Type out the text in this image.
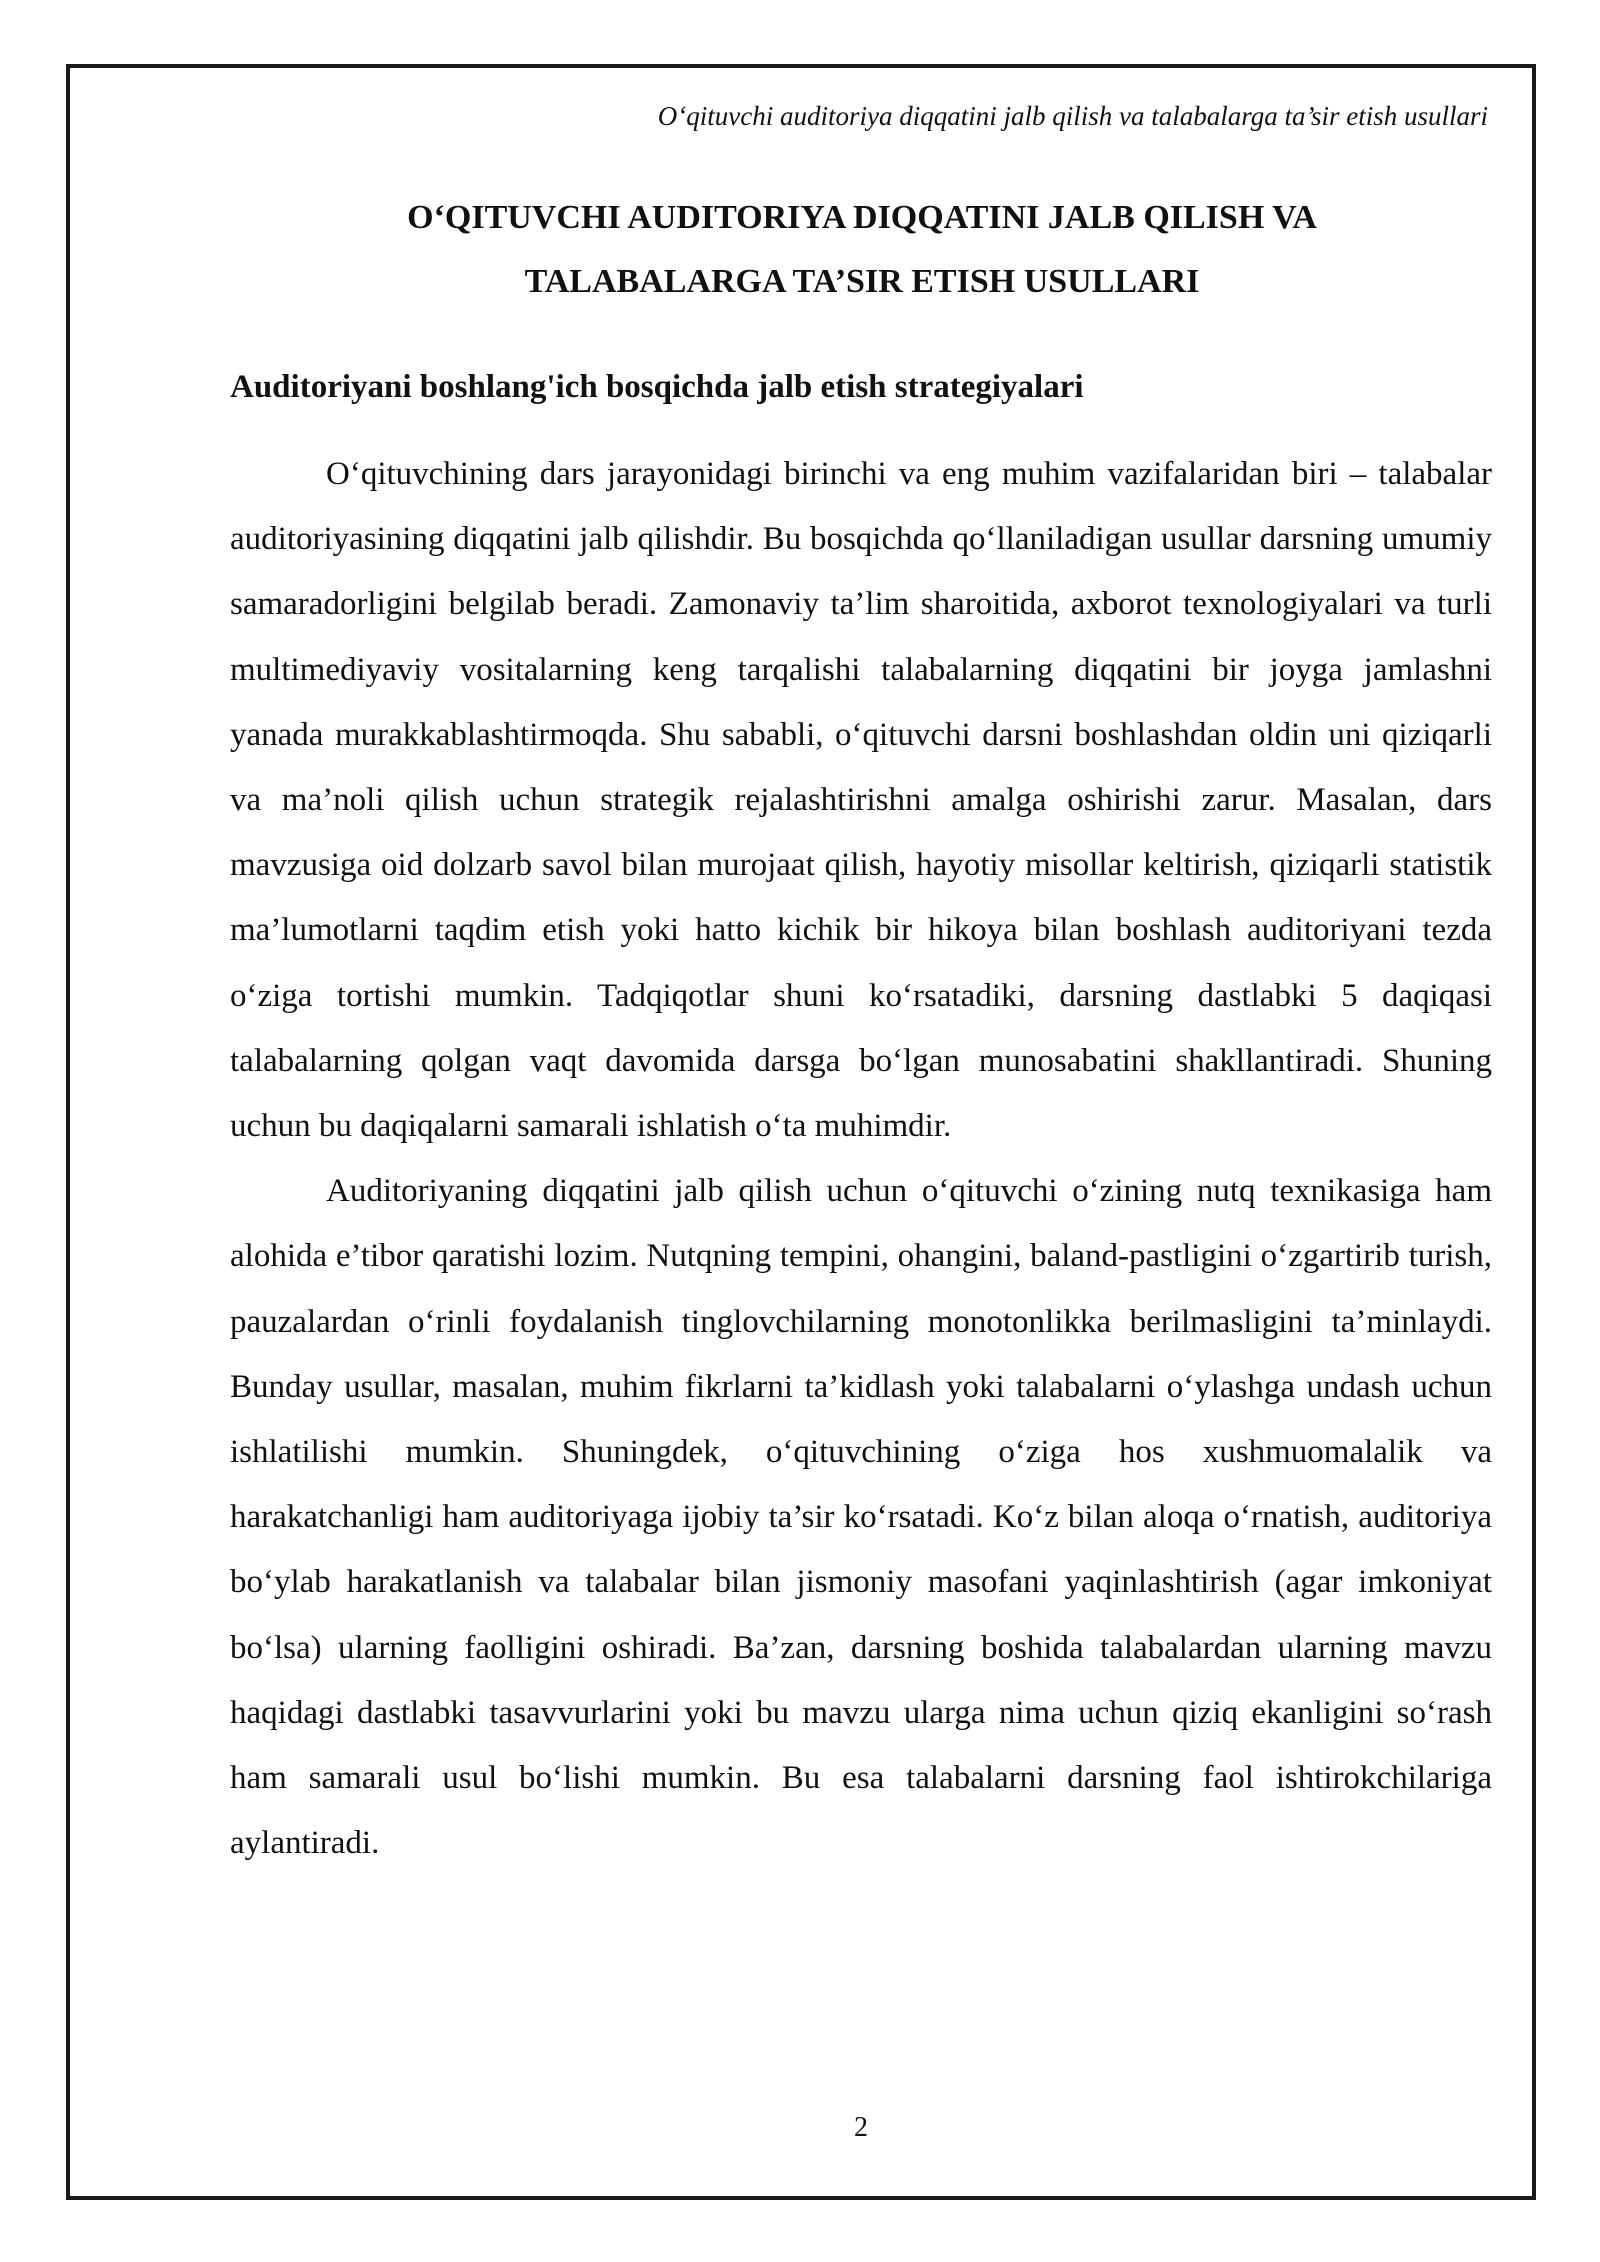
O‘qituvchi auditoriya diqqatini jalb qilish va talabalarga ta’sir etish usullari
O‘QITUVCHI AUDITORIYA DIQQATINI JALB QILISH VA
TALABALARGA TA’SIR ETISH USULLARI
Auditoriyani boshlang'ich bosqichda jalb etish strategiyalari

O‘qituvchining dars jarayonidagi birinchi va eng muhim vazifalaridan biri – talabalar auditoriyasining diqqatini jalb qilishdir. Bu bosqichda qo‘llaniladigan usullar darsning umumiy samaradorligini belgilab beradi. Zamonaviy ta’lim sharoitida, axborot texnologiyalari va turli multimediyaviy vositalarning keng tarqalishi talabalarning diqqatini bir joyga jamlashni yanada murakkablashtirmoqda. Shu sababli, o‘qituvchi darsni boshlashdan oldin uni qiziqarli va ma’noli qilish uchun strategik rejalashtirishni amalga oshirishi zarur. Masalan, dars mavzusiga oid dolzarb savol bilan murojaat qilish, hayotiy misollar keltirish, qiziqarli statistik ma’lumotlarni taqdim etish yoki hatto kichik bir hikoya bilan boshlash auditoriyani tezda o‘ziga tortishi mumkin. Tadqiqotlar shuni ko‘rsatadiki, darsning dastlabki 5 daqiqasi talabalarning qolgan vaqt davomida darsga bo‘lgan munosabatini shakllantiradi. Shuning uchun bu daqiqalarni samarali ishlatish o‘ta muhimdir.

Auditoriyaning diqqatini jalb qilish uchun o‘qituvchi o‘zining nutq texnikasiga ham alohida e’tibor qaratishi lozim. Nutqning tempini, ohangini, baland-pastligini o‘zgartirib turish, pauzalardan o‘rinli foydalanish tinglovchilarning monotonlikka berilmasligini ta’minlaydi. Bunday usullar, masalan, muhim fikrlarni ta’kidlash yoki talabalarni o‘ylashga undash uchun ishlatilishi mumkin. Shuningdek, o‘qituvchining o‘ziga hos xushmuomalalik va harakatchanligi ham auditoriyaga ijobiy ta’sir ko‘rsatadi. Ko‘z bilan aloqa o‘rnatish, auditoriya bo‘ylab harakatlanish va talabalar bilan jismoniy masofani yaqinlashtirish (agar imkoniyat bo‘lsa) ularning faolligini oshiradi. Ba’zan, darsning boshida talabalardan ularning mavzu haqidagi dastlabki tasavvurlarini yoki bu mavzu ularga nima uchun qiziq ekanligini so‘rash ham samarali usul bo‘lishi mumkin. Bu esa talabalarni darsning faol ishtirokchilariga aylantiradi.

2
